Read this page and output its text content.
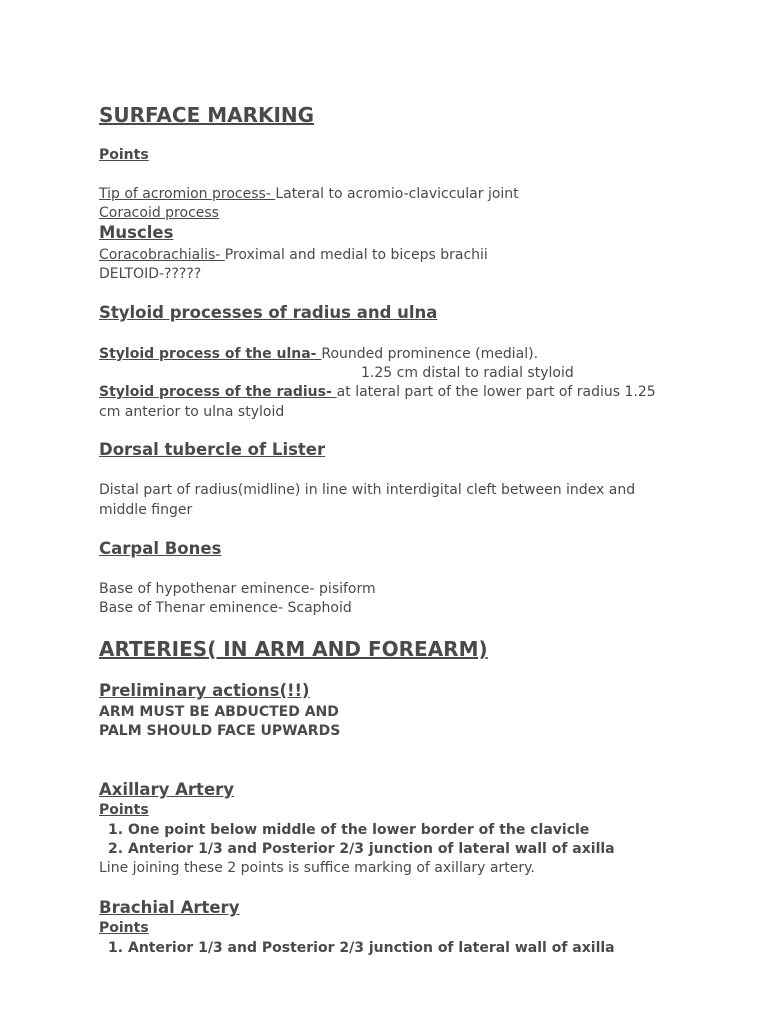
SURFACE MARKING
Points
Tip of acromion process- Lateral to acromio-claviccular joint
Coracoid process
Muscles
Coracobrachialis- Proximal and medial to biceps brachii
DELTOID-?????
Styloid processes of radius and ulna
Styloid process of the ulna- Rounded prominence (medial).
1.25 cm distal to radial styloid
Styloid process of the radius- at lateral part of the lower part of radius 1.25 cm anterior to ulna styloid
Dorsal tubercle of Lister
Distal part of radius(midline) in line with interdigital cleft between index and middle finger
Carpal Bones
Base of hypothenar eminence- pisiform
Base of Thenar eminence- Scaphoid
ARTERIES( IN ARM AND FOREARM)
Preliminary actions(!!)
ARM MUST BE ABDUCTED AND
PALM SHOULD FACE UPWARDS
Axillary Artery
Points
1 . One point below middle of the lower border of the clavicle
2 . Anterior 1/3 and Posterior 2/3 junction of lateral wall of axilla
Line joining these 2 points is suffice marking of axillary artery.
Brachial Artery
Points
1 . Anterior 1/3 and Posterior 2/3 junction of lateral wall of axilla
